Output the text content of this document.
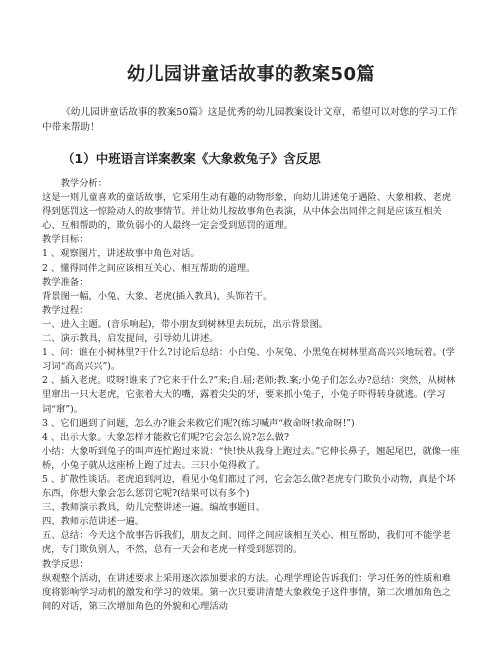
幼儿园讲童话故事的教案50篇

《幼儿园讲童话故事的教案50篇》这是优秀的幼儿园教案设计文章，希望可以对您的学习工作中带来帮助！

（1）中班语言详案教案《大象救兔子》含反思

教学分析：

这是一则儿童喜欢的童话故事，它采用生动有趣的动物形象，向幼儿讲述兔子遇险、大象相救、老虎得到惩罚这一惊险动人的故事情节。并让幼儿按故事角色表演，从中体会出同伴之间是应该互相关心、互相帮助的，欺负弱小的人最终一定会受到惩罚的道理。

教学目标：

1 、观察图片，讲述故事中角色对话。

2 、懂得同伴之间应该相互关心、相互帮助的道理。

教学准备：

背景图一幅，小兔、大象、老虎(插入教具)，头饰若干。

教学过程：

一、进入主题。(音乐响起)，带小朋友到树林里去玩玩，出示背景图。

二、演示教具，启发提问，引导幼儿讲述。

1 、问：谁在小树林里?干什么?讨论后总结：小白兔、小灰兔、小黑兔在树林里高高兴兴地玩着。(学习词“高高兴兴”)。

2 、插入老虎。哎呀!谁来了?它来干什么?”来;自.屈;老师;教.案;小兔子们怎么办?总结：突然，从树林里窜出一只大老虎，它张着大大的嘴，露着尖尖的牙，要来抓小兔子，小兔子吓得转身就逃。(学习词“窜”)。

3 、它们遇到了问题，怎么办?谁会来救它们呢?(练习喊声“救命呀!救命呀!”)

4 、出示大象。大象怎样才能救它们呢?它会怎么说?怎么做?

小结：大象听到兔子的叫声连忙跑过来说：“快!快从我身上跑过去。”它伸长鼻子，翘起尾巴，就像一座桥，小兔子就从这座桥上跑了过去。三只小兔得救了。

5 、扩散性谈话。老虎追到河边，看见小兔们都过了河，它会怎么做?老虎专门欺负小动物，真是个坏东西，你想大象会怎么惩罚它呢?(结果可以有多个)

三、教师演示教具，幼儿完整讲述一遍。编故事题目。

四、教师示范讲述一遍。

五、总结：今天这个故事告诉我们，朋友之间、同伴之间应该相互关心、相互帮助，我们可不能学老虎，专门欺负别人，不然，总有一天会和老虎一样受到惩罚的。

教学反思：

纵观整个活动，在讲述要求上采用逐次添加要求的方法。心理学理论告诉我们：学习任务的性质和难度将影响学习动机的激发和学习的效果。第一次只要讲清楚大象救兔子这件事情，第二次增加角色之间的对话，第三次增加角色的外貌和心理活动
